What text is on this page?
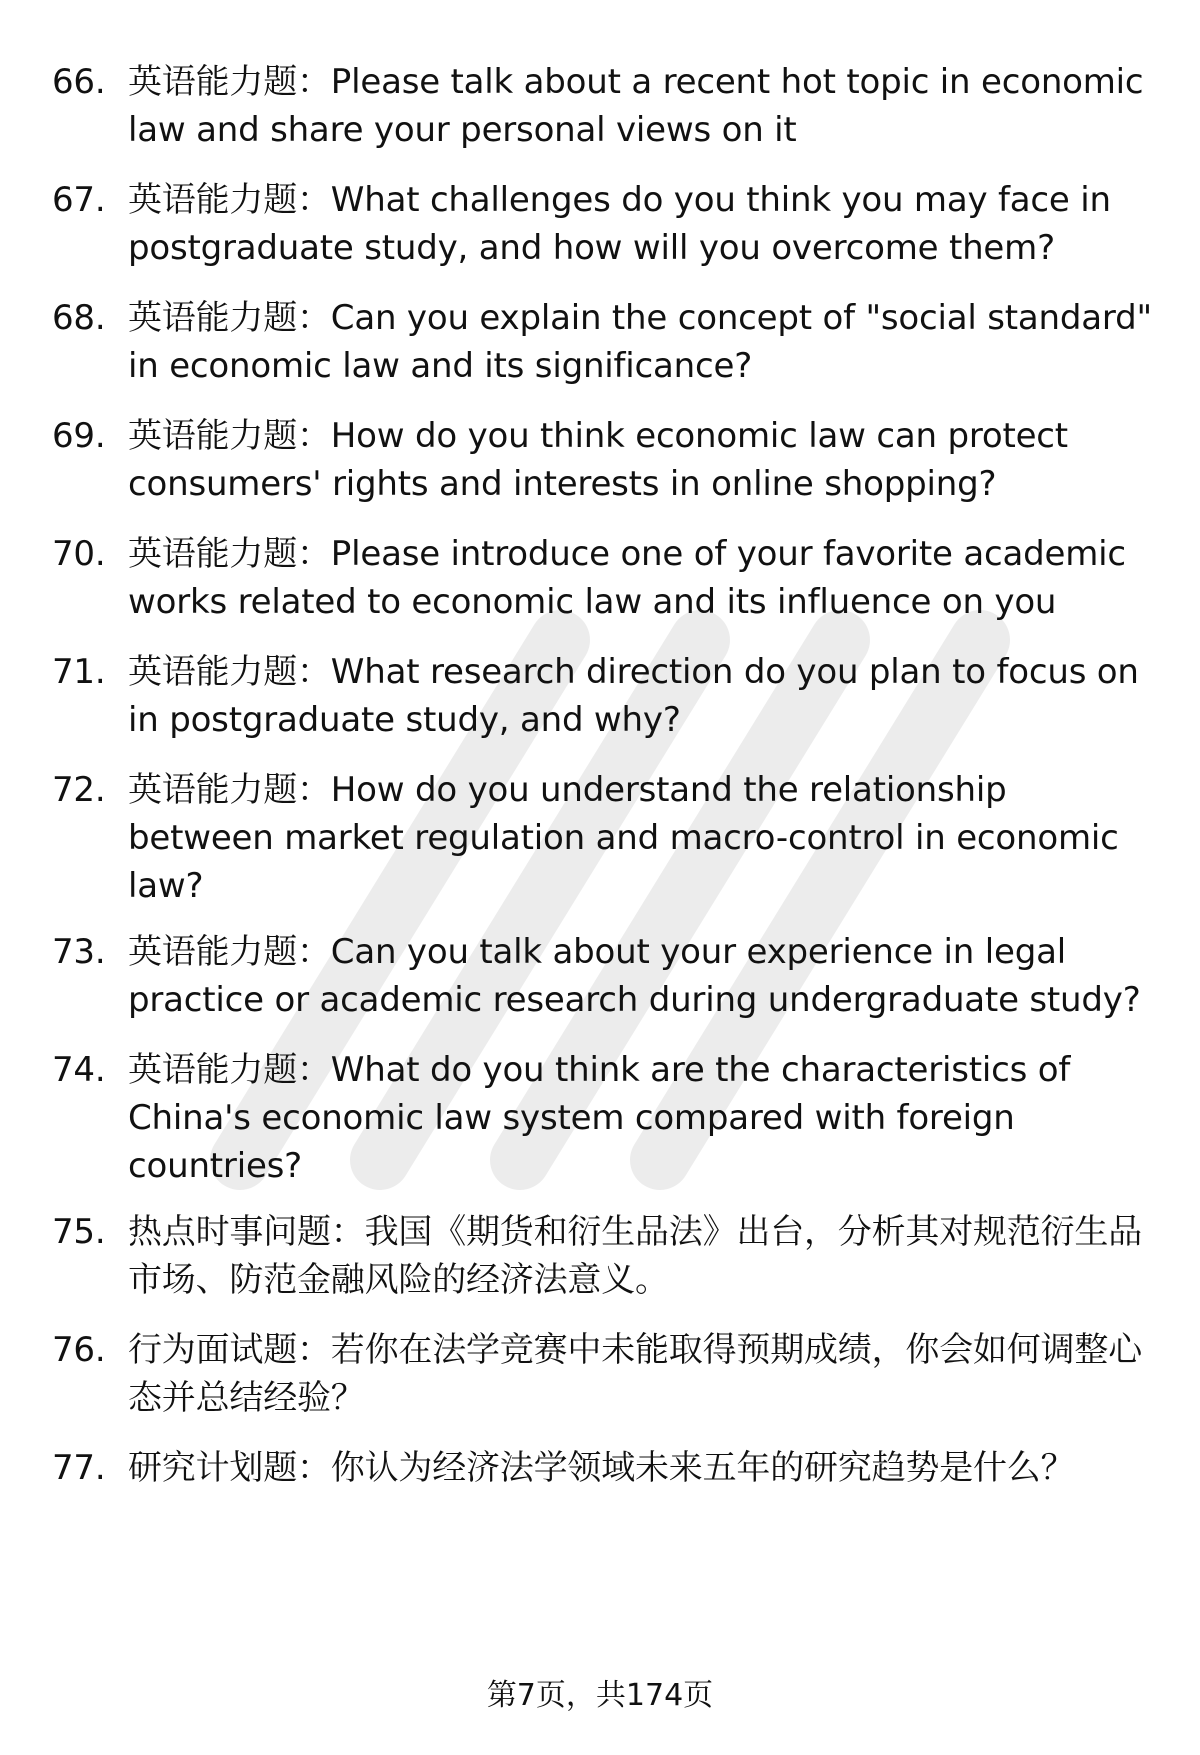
66. 英语能力题：Please talk about a recent hot topic in economic law and share your personal views on it
67. 英语能力题：What challenges do you think you may face in postgraduate study, and how will you overcome them?
68. 英语能力题：Can you explain the concept of "social standard" in economic law and its significance?
69. 英语能力题：How do you think economic law can protect consumers' rights and interests in online shopping?
70. 英语能力题：Please introduce one of your favorite academic works related to economic law and its influence on you
71. 英语能力题：What research direction do you plan to focus on in postgraduate study, and why?
72. 英语能力题：How do you understand the relationship between market regulation and macro-control in economic law?
73. 英语能力题：Can you talk about your experience in legal practice or academic research during undergraduate study?
74. 英语能力题：What do you think are the characteristics of China's economic law system compared with foreign countries?
75. 热点时事问题：我国《期货和衍生品法》出台，分析其对规范衍生品市场、防范金融风险的经济法意义。
76. 行为面试题：若你在法学竞赛中未能取得预期成绩，你会如何调整心态并总结经验？
77. 研究计划题：你认为经济法学领域未来五年的研究趋势是什么？
第7页，共174页
